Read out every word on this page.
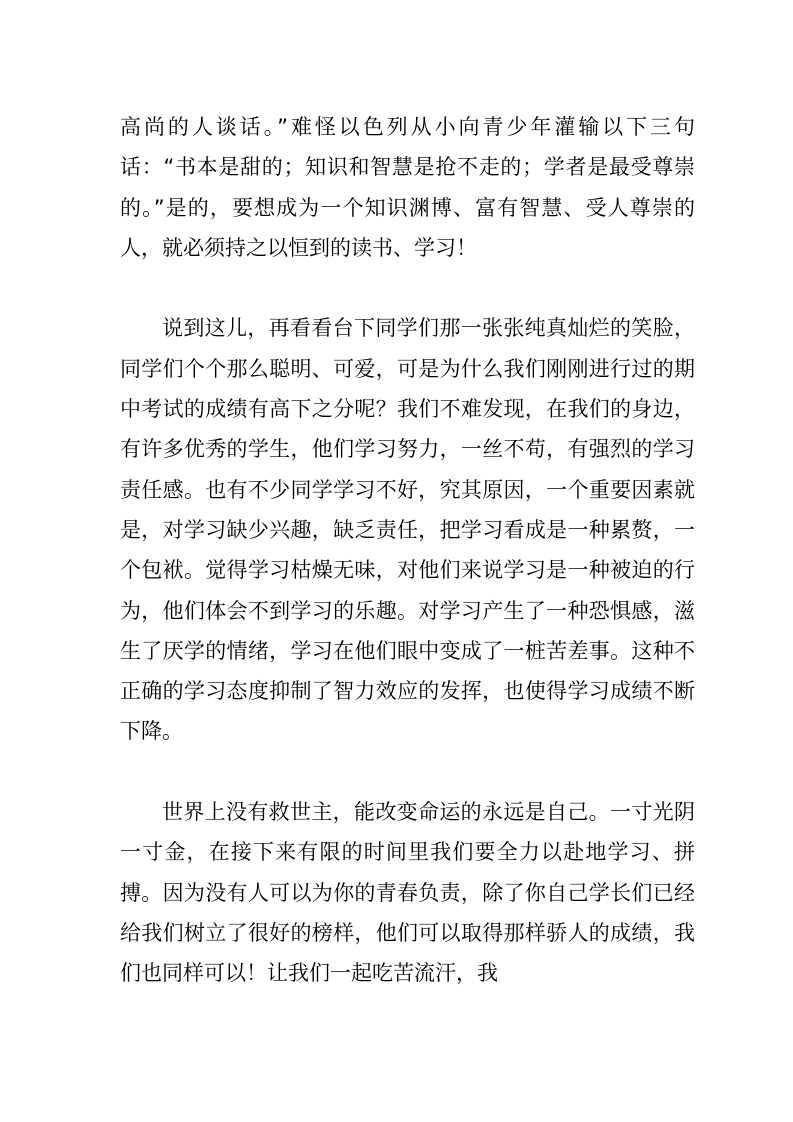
高尚的人谈话。”难怪以色列从小向青少年灌输以下三句话：“书本是甜的；知识和智慧是抢不走的；学者是最受尊崇的。”是的，要想成为一个知识渊博、富有智慧、受人尊崇的人，就必须持之以恒到的读书、学习！

说到这儿，再看看台下同学们那一张张纯真灿烂的笑脸，同学们个个那么聪明、可爱，可是为什么我们刚刚进行过的期中考试的成绩有高下之分呢？我们不难发现，在我们的身边，有许多优秀的学生，他们学习努力，一丝不苟，有强烈的学习责任感。也有不少同学学习不好，究其原因，一个重要因素就是，对学习缺少兴趣，缺乏责任，把学习看成是一种累赘，一个包袱。觉得学习枯燥无味，对他们来说学习是一种被迫的行为，他们体会不到学习的乐趣。对学习产生了一种恐惧感，滋生了厌学的情绪，学习在他们眼中变成了一桩苦差事。这种不正确的学习态度抑制了智力效应的发挥，也使得学习成绩不断下降。

世界上没有救世主，能改变命运的永远是自己。一寸光阴一寸金，在接下来有限的时间里我们要全力以赴地学习、拼搏。因为没有人可以为你的青春负责，除了你自己学长们已经给我们树立了很好的榜样，他们可以取得那样骄人的成绩，我们也同样可以！让我们一起吃苦流汗，我
